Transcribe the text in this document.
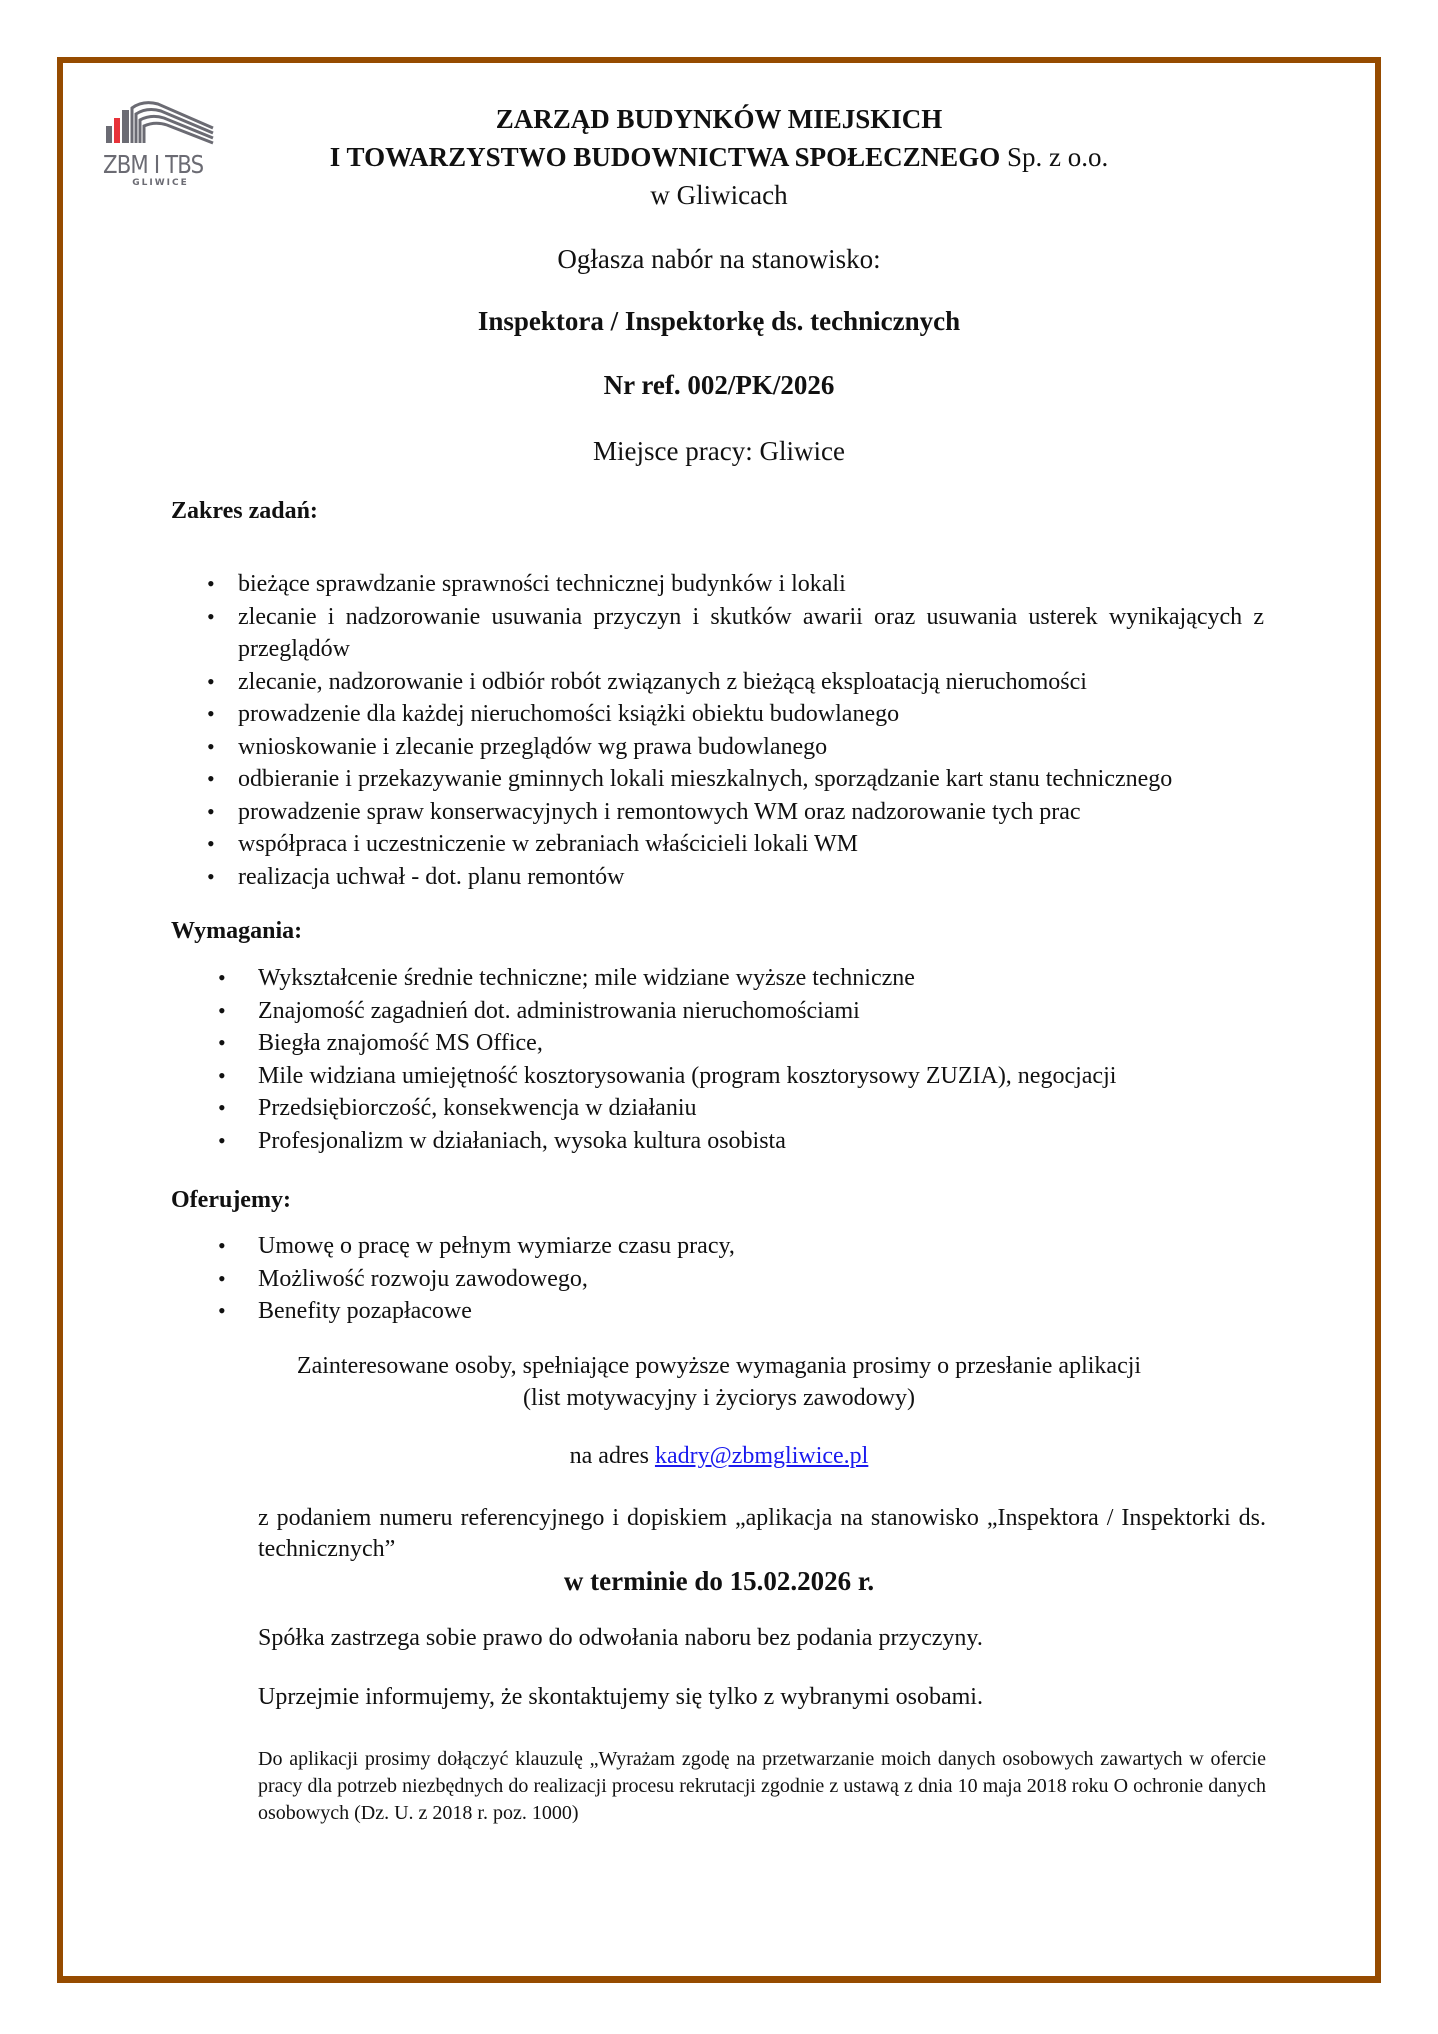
ZBM I TBS
GLIWICE
ZARZĄD BUDYNKÓW MIEJSKICH
I TOWARZYSTWO BUDOWNICTWA SPOŁECZNEGO Sp. z o.o.
w Gliwicach
Ogłasza nabór na stanowisko:
Inspektora / Inspektorkę ds. technicznych
Nr ref. 002/PK/2026
Miejsce pracy: Gliwice
Zakres zadań:
• bieżące sprawdzanie sprawności technicznej budynków i lokali
• zlecanie i nadzorowanie usuwania przyczyn i skutków awarii oraz usuwania usterek wynikających z przeglądów
• zlecanie, nadzorowanie i odbiór robót związanych z bieżącą eksploatacją nieruchomości
• prowadzenie dla każdej nieruchomości książki obiektu budowlanego
• wnioskowanie i zlecanie przeglądów wg prawa budowlanego
• odbieranie i przekazywanie gminnych lokali mieszkalnych, sporządzanie kart stanu technicznego
• prowadzenie spraw konserwacyjnych i remontowych WM oraz nadzorowanie tych prac
• współpraca i uczestniczenie w zebraniach właścicieli lokali WM
• realizacja uchwał - dot. planu remontów
Wymagania:
• Wykształcenie średnie techniczne; mile widziane wyższe techniczne
• Znajomość zagadnień dot. administrowania nieruchomościami
• Biegła znajomość MS Office,
• Mile widziana umiejętność kosztorysowania (program kosztorysowy ZUZIA), negocjacji
• Przedsiębiorczość, konsekwencja w działaniu
• Profesjonalizm w działaniach, wysoka kultura osobista
Oferujemy:
• Umowę o pracę w pełnym wymiarze czasu pracy,
• Możliwość rozwoju zawodowego,
• Benefity pozapłacowe
Zainteresowane osoby, spełniające powyższe wymagania prosimy o przesłanie aplikacji
(list motywacyjny i życiorys zawodowy)
na adres kadry@zbmgliwice.pl
z podaniem numeru referencyjnego i dopiskiem „aplikacja na stanowisko „Inspektora / Inspektorki ds. technicznych”
w terminie do 15.02.2026 r.
Spółka zastrzega sobie prawo do odwołania naboru bez podania przyczyny.
Uprzejmie informujemy, że skontaktujemy się tylko z wybranymi osobami.
Do aplikacji prosimy dołączyć klauzulę „Wyrażam zgodę na przetwarzanie moich danych osobowych zawartych w ofercie pracy dla potrzeb niezbędnych do realizacji procesu rekrutacji zgodnie z ustawą z dnia 10 maja 2018 roku O ochronie danych osobowych (Dz. U. z 2018 r. poz. 1000)
